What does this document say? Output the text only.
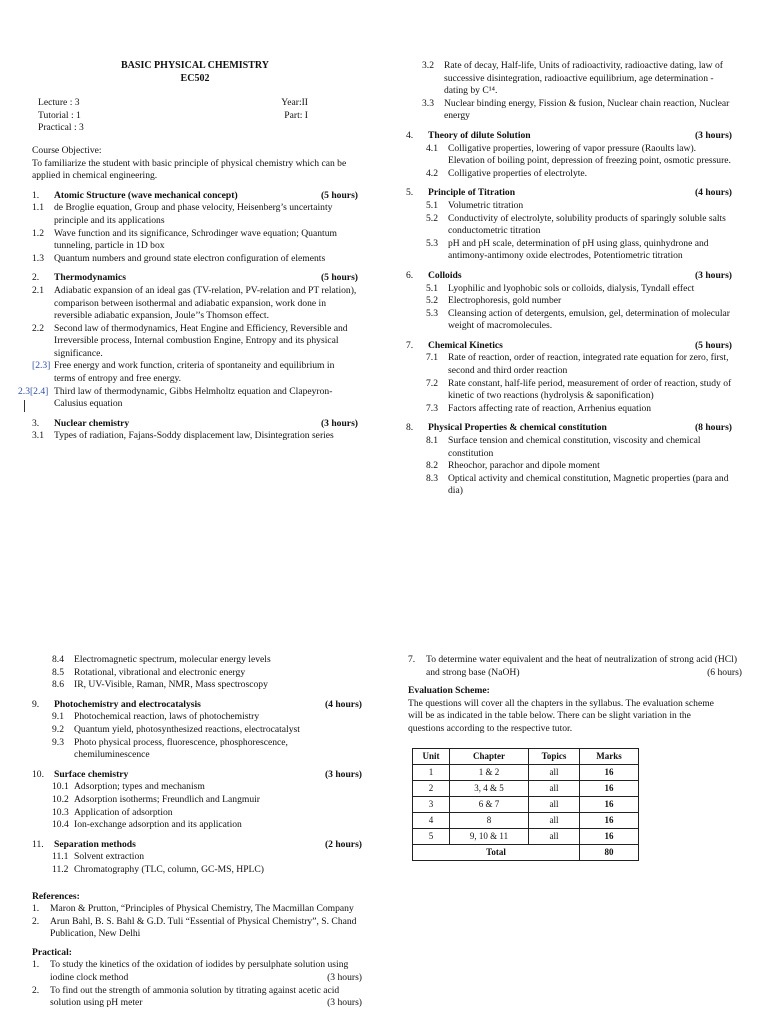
BASIC PHYSICAL CHEMISTRY

EC502

Lecture : 3	Year:II
Tutorial : 1	Part: I
Practical : 3

Course Objective:

To familiarize the student with basic principle of physical chemistry which can be applied in chemical engineering.

1.	Atomic Structure (wave mechanical concept)	(5 hours)
1.1	de Broglie equation, Group and phase velocity, Heisenberg’s uncertainty principle and its applications
1.2	Wave function and its significance, Schrodinger wave equation; Quantum tunneling, particle in 1D box
1.3	Quantum numbers and ground state electron configuration of elements
2.	Thermodynamics	(5 hours)
2.1	Adiabatic expansion of an ideal gas (TV-relation, PV-relation and PT relation), comparison between isothermal and adiabatic expansion, work done in reversible adiabatic expansion, Joule’’s Thomson effect.
2.2	Second law of thermodynamics, Heat Engine and Efficiency, Reversible and Irreversible process, Internal combustion Engine, Entropy and its physical significance.
[2.3] Free energy and work function, criteria of spontaneity and equilibrium in terms of entropy and free energy.
2.3[2.4] Third law of thermodynamic, Gibbs Helmholtz equation and Clapeyron-Calusius equation
3.	Nuclear chemistry	(3 hours)
3.1	Types of radiation, Fajans-Soddy displacement law, Disintegration series
3.2	Rate of decay, Half-life, Units of radioactivity, radioactive dating, law of successive disintegration, radioactive equilibrium, age determination - dating by C¹⁴.
3.3	Nuclear binding energy, Fission & fusion, Nuclear chain reaction, Nuclear energy
4.	Theory of dilute Solution	(3 hours)
4.1	Colligative properties, lowering of vapor pressure (Raoults law). Elevation of boiling point, depression of freezing point, osmotic pressure.
4.2	Colligative properties of electrolyte.
5.	Principle of Titration	(4 hours)
5.1	Volumetric titration
5.2	Conductivity of electrolyte, solubility products of sparingly soluble salts conductometric titration
5.3	pH and pH scale, determination of pH using glass, quinhydrone and antimony-antimony oxide electrodes, Potentiometric titration
6.	Colloids	(3 hours)
5.1	Lyophilic and lyophobic sols or colloids, dialysis, Tyndall effect
5.2	Electrophoresis, gold number
5.3	Cleansing action of detergents, emulsion, gel, determination of molecular weight of macromolecules.
7.	Chemical Kinetics	(5 hours)
7.1	Rate of reaction, order of reaction, integrated rate equation for zero, first, second and third order reaction
7.2	Rate constant, half-life period, measurement of order of reaction, study of kinetic of two reactions (hydrolysis & saponification)
7.3	Factors affecting rate of reaction, Arrhenius equation
8.	Physical Properties & chemical constitution	(8 hours)
8.1	Surface tension and chemical constitution, viscosity and chemical constitution
8.2	Rheochor, parachor and dipole moment
8.3	Optical activity and chemical constitution, Magnetic properties (para and dia)
8.4	Electromagnetic spectrum, molecular energy levels
8.5	Rotational, vibrational and electronic energy
8.6	IR, UV-Visible, Raman, NMR, Mass spectroscopy
9.	Photochemistry and electrocatalysis	(4 hours)
9.1	Photochemical reaction, laws of photochemistry
9.2	Quantum yield, photosynthesized reactions, electrocatalyst
9.3	Photo physical process, fluorescence, phosphorescence, chemiluminescence
10.	Surface chemistry	(3 hours)
10.1 Adsorption; types and mechanism
10.2 Adsorption isotherms; Freundlich and Langmuir
10.3 Application of adsorption
10.4 Ion-exchange adsorption and its application
11.	Separation methods	(2 hours)
11.1 Solvent extraction
11.2 Chromatography (TLC, column, GC-MS, HPLC)

References:

1.	Maron & Prutton, “Principles of Physical Chemistry, The Macmillan Company
2.	Arun Bahl, B. S. Bahl & G.D. Tuli “Essential of Physical Chemistry”, S. Chand Publication, New Delhi

Practical:

1.	To study the kinetics of the oxidation of iodides by persulphate solution using iodine clock method	(3 hours)
2.	To find out the strength of ammonia solution by titrating against acetic acid solution using pH meter	(3 hours)
7.	To determine water equivalent and the heat of neutralization of strong acid (HCl) and strong base (NaOH)	(6 hours)

Evaluation Scheme:

The questions will cover all the chapters in the syllabus. The evaluation scheme will be as indicated in the table below. There can be slight variation in the questions according to the respective tutor.

Unit	Chapter	Topics	Marks
1	1 & 2	all	16
2	3, 4 & 5	all	16
3	6 & 7	all	16
4	8	all	16
5	9, 10 & 11	all	16
Total			80
